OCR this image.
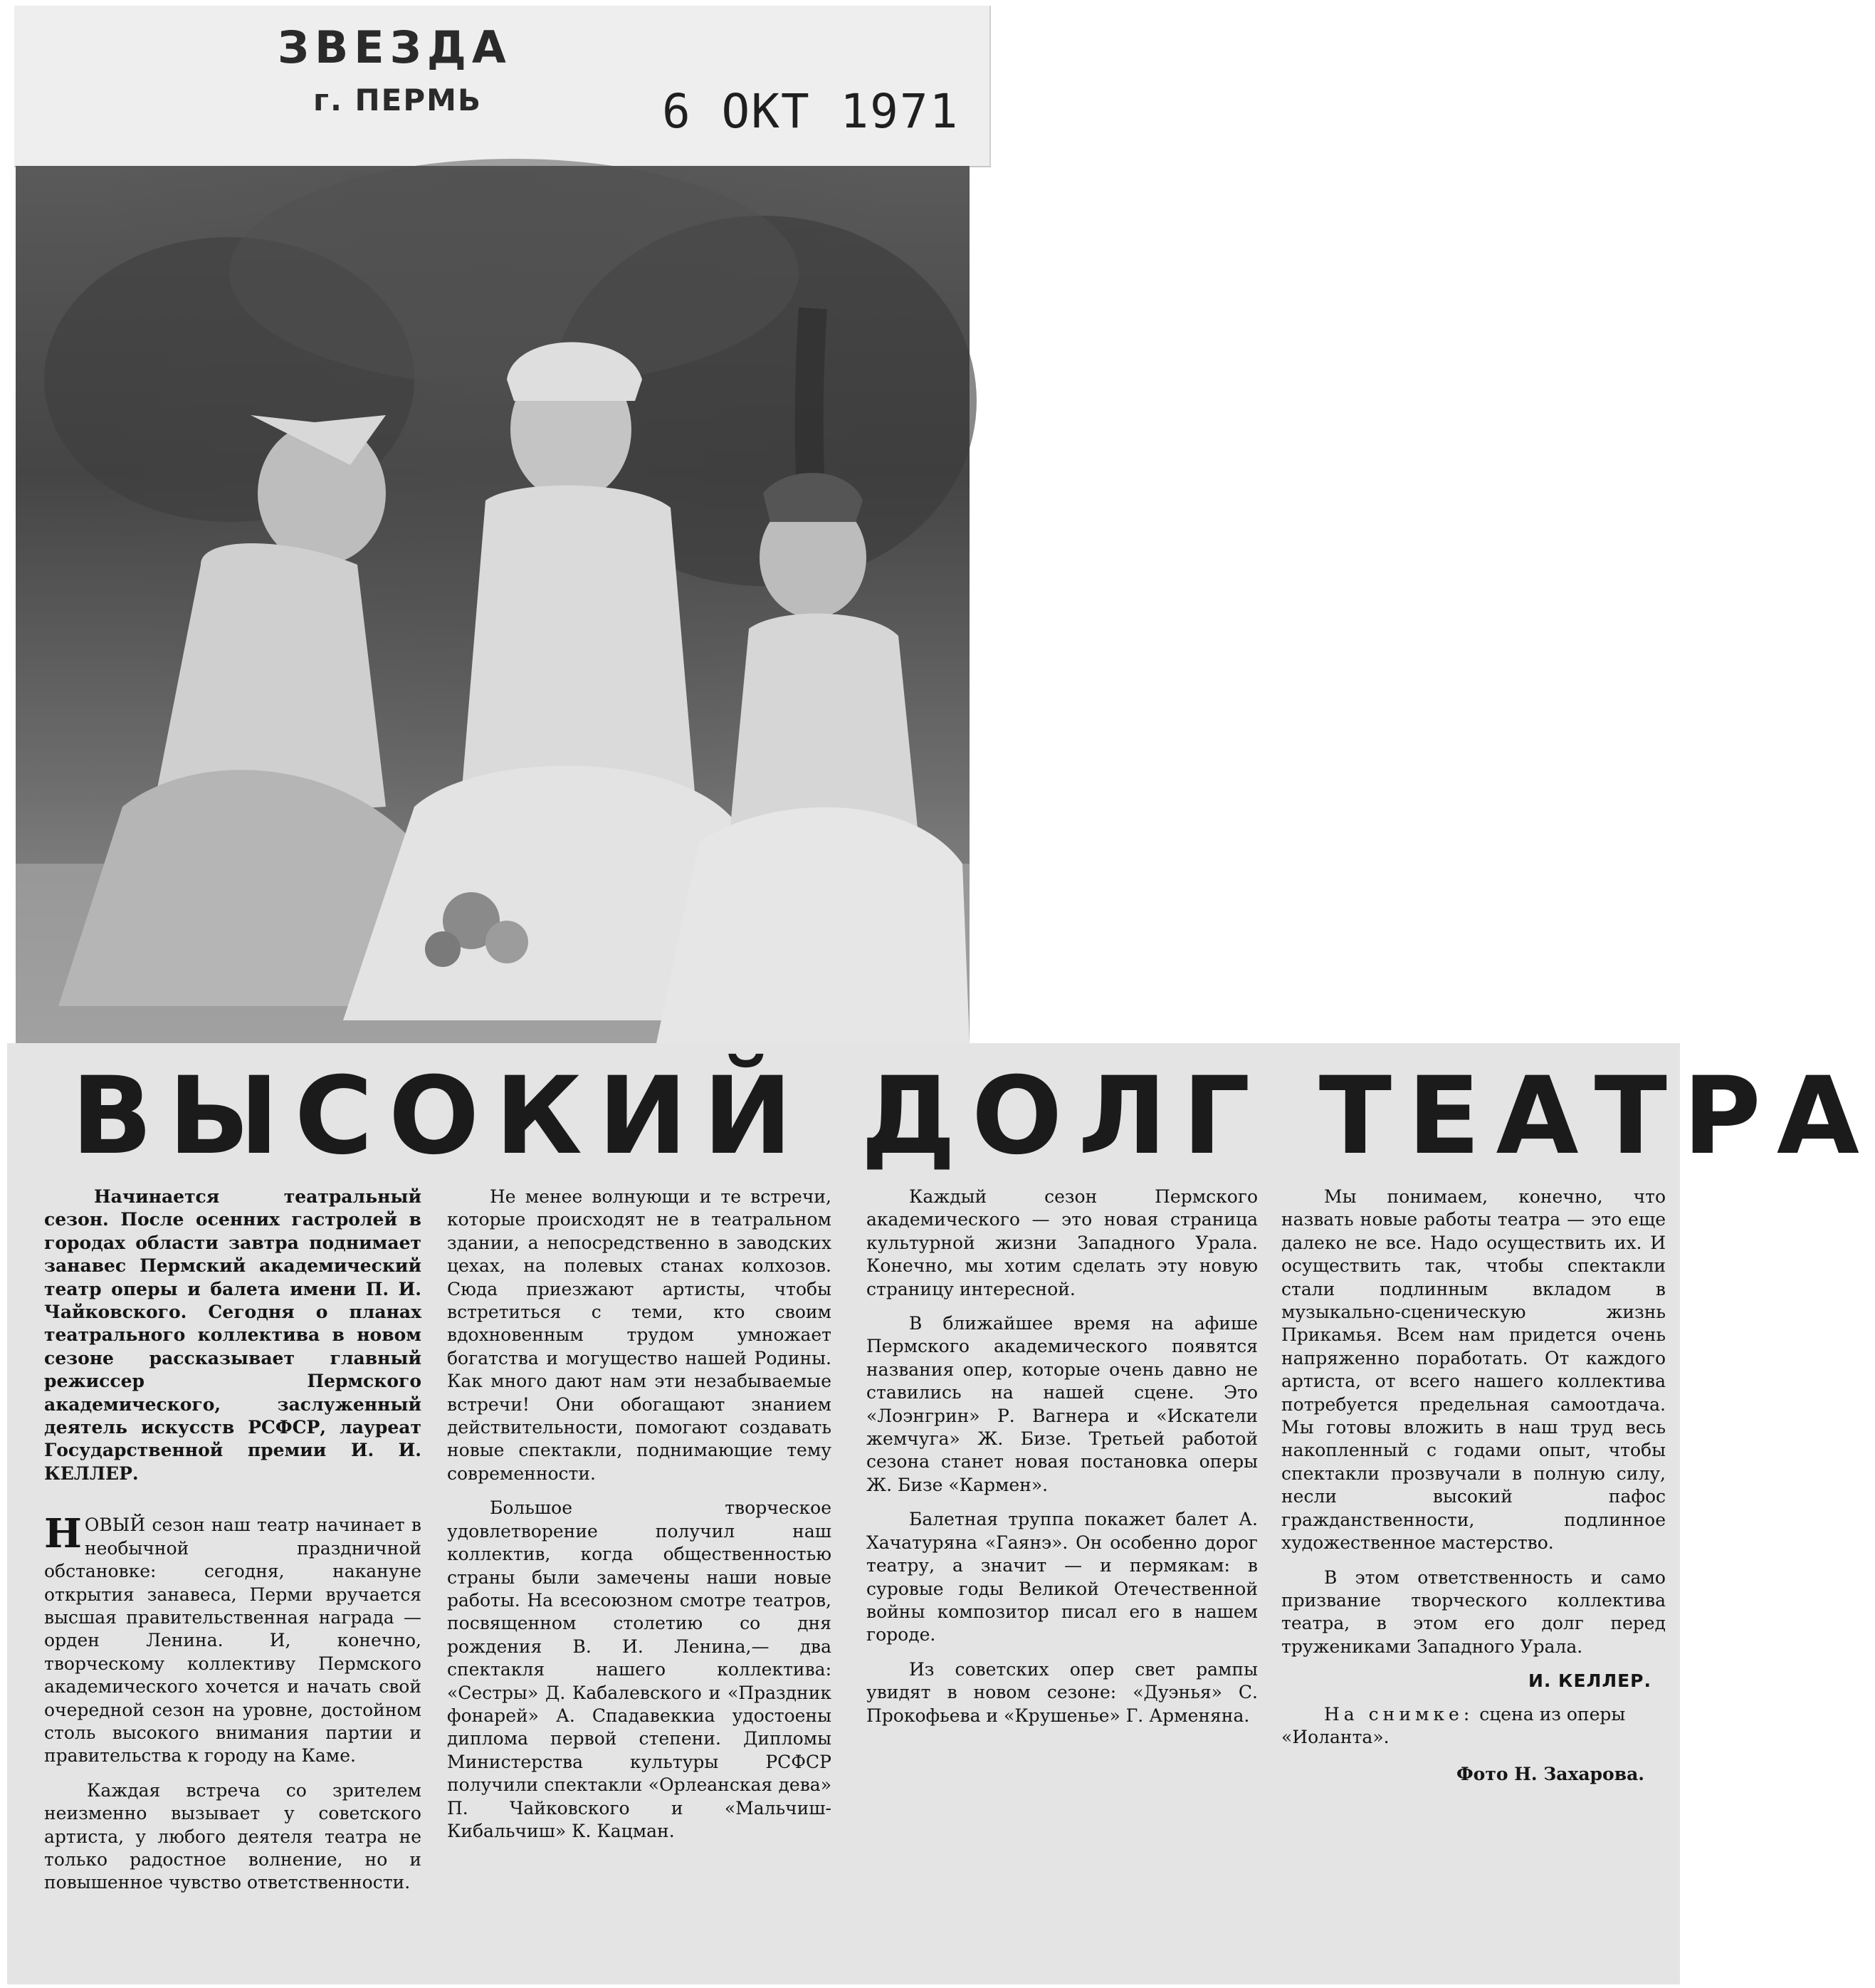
ЗВЕЗДА
г. ПЕРМЬ	6 ОКТ 1971
ВЫСОКИЙ ДОЛГ ТЕАТРА

Начинается театральный сезон. После осенних гастролей в городах области завтра поднимает занавес Пермский академический театр оперы и балета имени П. И. Чайковского. Сегодня о планах театрального коллектива в новом сезоне рассказывает главный режиссер Пермского академического, заслуженный деятель искусств РСФСР, лауреат Государственной премии И. И. КЕЛЛЕР.

НОВЫЙ сезон наш театр начинает в необычной праздничной обстановке: сегодня, накануне открытия занавеса, Перми вручается высшая правительственная награда — орден Ленина. И, конечно, творческому коллективу Пермского академического хочется и начать свой очередной сезон на уровне, достойном столь высокого внимания партии и правительства к городу на Каме.

Каждая встреча со зрителем неизменно вызывает у советского артиста, у любого деятеля театра не только радостное волнение, но и повышенное чувство ответственности.

Не менее волнующи и те встречи, которые происходят не в театральном здании, а непосредственно в заводских цехах, на полевых станах колхозов. Сюда приезжают артисты, чтобы встретиться с теми, кто своим вдохновенным трудом умножает богатства и могущество нашей Родины. Как много дают нам эти незабываемые встречи! Они обогащают знанием действительности, помогают создавать новые спектакли, поднимающие тему современности.

Большое творческое удовлетворение получил наш коллектив, когда общественностью страны были замечены наши новые работы. На всесоюзном смотре театров, посвященном столетию со дня рождения В. И. Ленина,— два спектакля нашего коллектива: «Сестры» Д. Кабалевского и «Праздник фонарей» А. Спадавеккиа удостоены диплома первой степени. Дипломы Министерства культуры РСФСР получили спектакли «Орлеанская дева» П. Чайковского и «Мальчиш-Кибальчиш» К. Кацман.

Каждый сезон Пермского академического — это новая страница культурной жизни Западного Урала. Конечно, мы хотим сделать эту новую страницу интересной.

В ближайшее время на афише Пермского академического появятся названия опер, которые очень давно не ставились на нашей сцене. Это «Лоэнгрин» Р. Вагнера и «Искатели жемчуга» Ж. Бизе. Третьей работой сезона станет новая постановка оперы Ж. Бизе «Кармен».

Балетная труппа покажет балет А. Хачатуряна «Гаянэ». Он особенно дорог театру, а значит — и пермякам: в суровые годы Великой Отечественной войны композитор писал его в нашем городе.

Из советских опер свет рампы увидят в новом сезоне: «Дуэнья» С. Прокофьева и «Крушенье» Г. Арменяна.

Мы понимаем, конечно, что назвать новые работы театра — это еще далеко не все. Надо осуществить их. И осуществить так, чтобы спектакли стали подлинным вкладом в музыкально-сценическую жизнь Прикамья. Всем нам придется очень напряженно поработать. От каждого артиста, от всего нашего коллектива потребуется предельная самоотдача. Мы готовы вложить в наш труд весь накопленный с годами опыт, чтобы спектакли прозвучали в полную силу, несли высокий пафос гражданственности, подлинное художественное мастерство.

В этом ответственность и само призвание творческого коллектива театра, в этом его долг перед тружениками Западного Урала.

И. КЕЛЛЕР.

На снимке: сцена из оперы «Иоланта».

Фото Н. Захарова.
